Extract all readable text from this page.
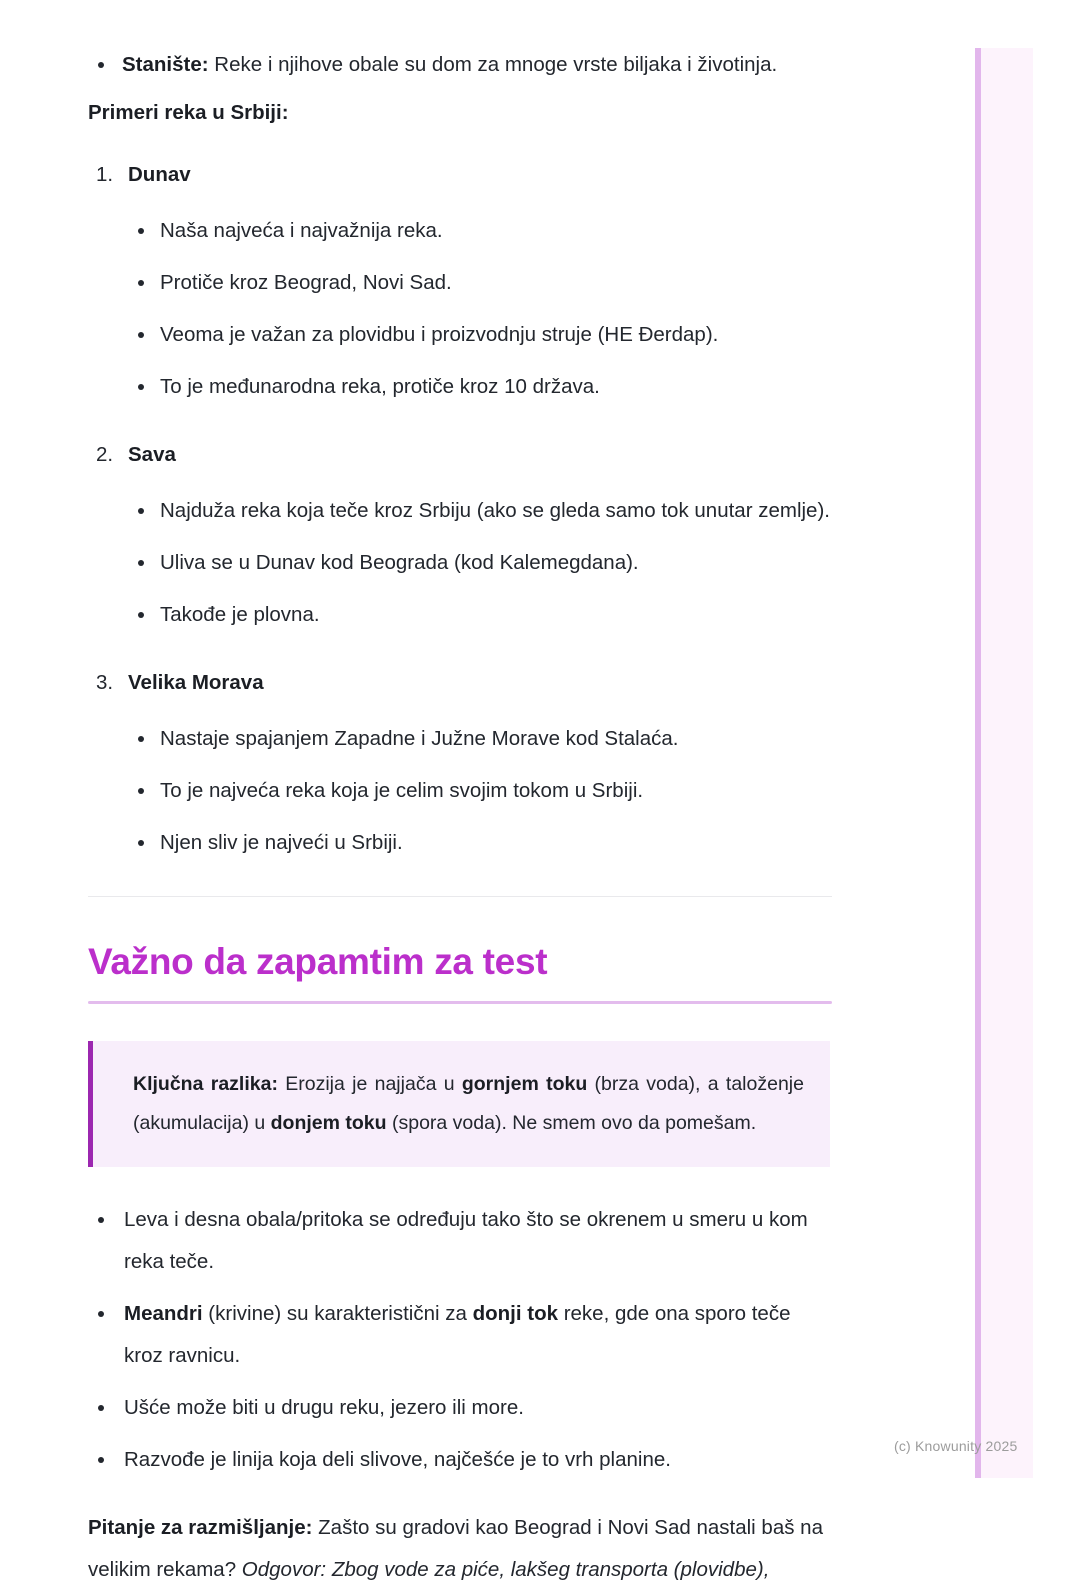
Stanište: Reke i njihove obale su dom za mnoge vrste biljaka i životinja.

Primeri reka u Srbiji:

1. Dunav
Naša najveća i najvažnija reka.
Protiče kroz Beograd, Novi Sad.
Veoma je važan za plovidbu i proizvodnju struje (HE Đerdap).
To je međunarodna reka, protiče kroz 10 država.
2. Sava
Najduža reka koja teče kroz Srbiju (ako se gleda samo tok unutar zemlje).
Uliva se u Dunav kod Beograda (kod Kalemegdana).
Takođe je plovna.
3. Velika Morava
Nastaje spajanjem Zapadne i Južne Morave kod Stalaća.
To je najveća reka koja je celim svojim tokom u Srbiji.
Njen sliv je najveći u Srbiji.
Važno da zapamtim za test

Ključna razlika: Erozija je najjača u gornjem toku (brza voda), a taloženje (akumulacija) u donjem toku (spora voda). Ne smem ovo da pomešam.

Leva i desna obala/pritoka se određuju tako što se okrenem u smeru u kom reka teče.
Meandri (krivine) su karakteristični za donji tok reke, gde ona sporo teče kroz ravnicu.
Ušće može biti u drugu reku, jezero ili more.
Razvođe je linija koja deli slivove, najčešće je to vrh planine.

Pitanje za razmišljanje: Zašto su gradovi kao Beograd i Novi Sad nastali baš na velikim rekama? Odgovor: Zbog vode za piće, lakšeg transporta (plovidbe),

(c) Knowunity 2025
